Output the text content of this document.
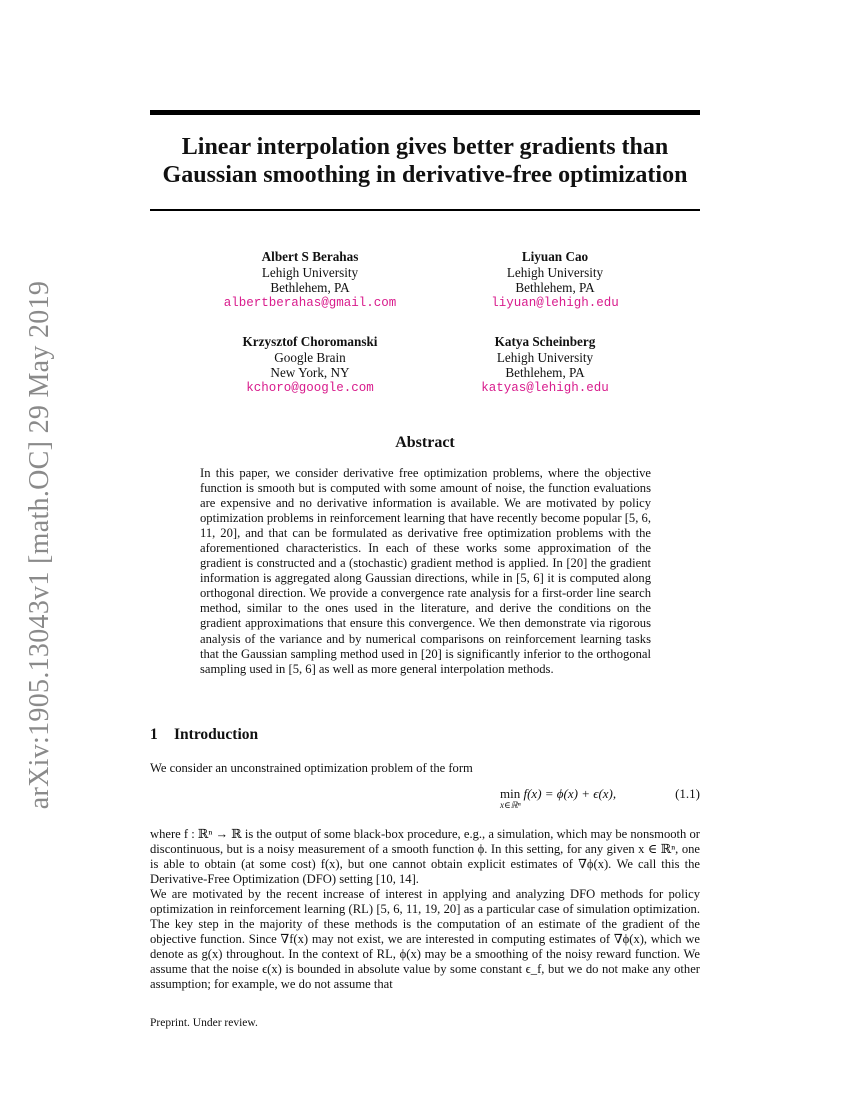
arXiv:1905.13043v1 [math.OC] 29 May 2019
Linear interpolation gives better gradients than Gaussian smoothing in derivative-free optimization
Albert S Berahas
Lehigh University
Bethlehem, PA
albertberahas@gmail.com
Liyuan Cao
Lehigh University
Bethlehem, PA
liyuan@lehigh.edu
Krzysztof Choromanski
Google Brain
New York, NY
kchoro@google.com
Katya Scheinberg
Lehigh University
Bethlehem, PA
katyas@lehigh.edu
Abstract
In this paper, we consider derivative free optimization problems, where the objective function is smooth but is computed with some amount of noise, the function evaluations are expensive and no derivative information is available. We are motivated by policy optimization problems in reinforcement learning that have recently become popular [5, 6, 11, 20], and that can be formulated as derivative free optimization problems with the aforementioned characteristics. In each of these works some approximation of the gradient is constructed and a (stochastic) gradient method is applied. In [20] the gradient information is aggregated along Gaussian directions, while in [5, 6] it is computed along orthogonal direction. We provide a convergence rate analysis for a first-order line search method, similar to the ones used in the literature, and derive the conditions on the gradient approximations that ensure this convergence. We then demonstrate via rigorous analysis of the variance and by numerical comparisons on reinforcement learning tasks that the Gaussian sampling method used in [20] is significantly inferior to the orthogonal sampling used in [5, 6] as well as more general interpolation methods.
1 Introduction
We consider an unconstrained optimization problem of the form
min f(x) = ϕ(x) + ϵ(x),
x∈ℝⁿ
(1.1)
where f : ℝⁿ → ℝ is the output of some black-box procedure, e.g., a simulation, which may be nonsmooth or discontinuous, but is a noisy measurement of a smooth function ϕ. In this setting, for any given x ∈ ℝⁿ, one is able to obtain (at some cost) f(x), but one cannot obtain explicit estimates of ∇ϕ(x). We call this the Derivative-Free Optimization (DFO) setting [10, 14].
We are motivated by the recent increase of interest in applying and analyzing DFO methods for policy optimization in reinforcement learning (RL) [5, 6, 11, 19, 20] as a particular case of simulation optimization. The key step in the majority of these methods is the computation of an estimate of the gradient of the objective function. Since ∇f(x) may not exist, we are interested in computing estimates of ∇ϕ(x), which we denote as g(x) throughout. In the context of RL, ϕ(x) may be a smoothing of the noisy reward function. We assume that the noise ϵ(x) is bounded in absolute value by some constant ϵ_f, but we do not make any other assumption; for example, we do not assume that
Preprint. Under review.
